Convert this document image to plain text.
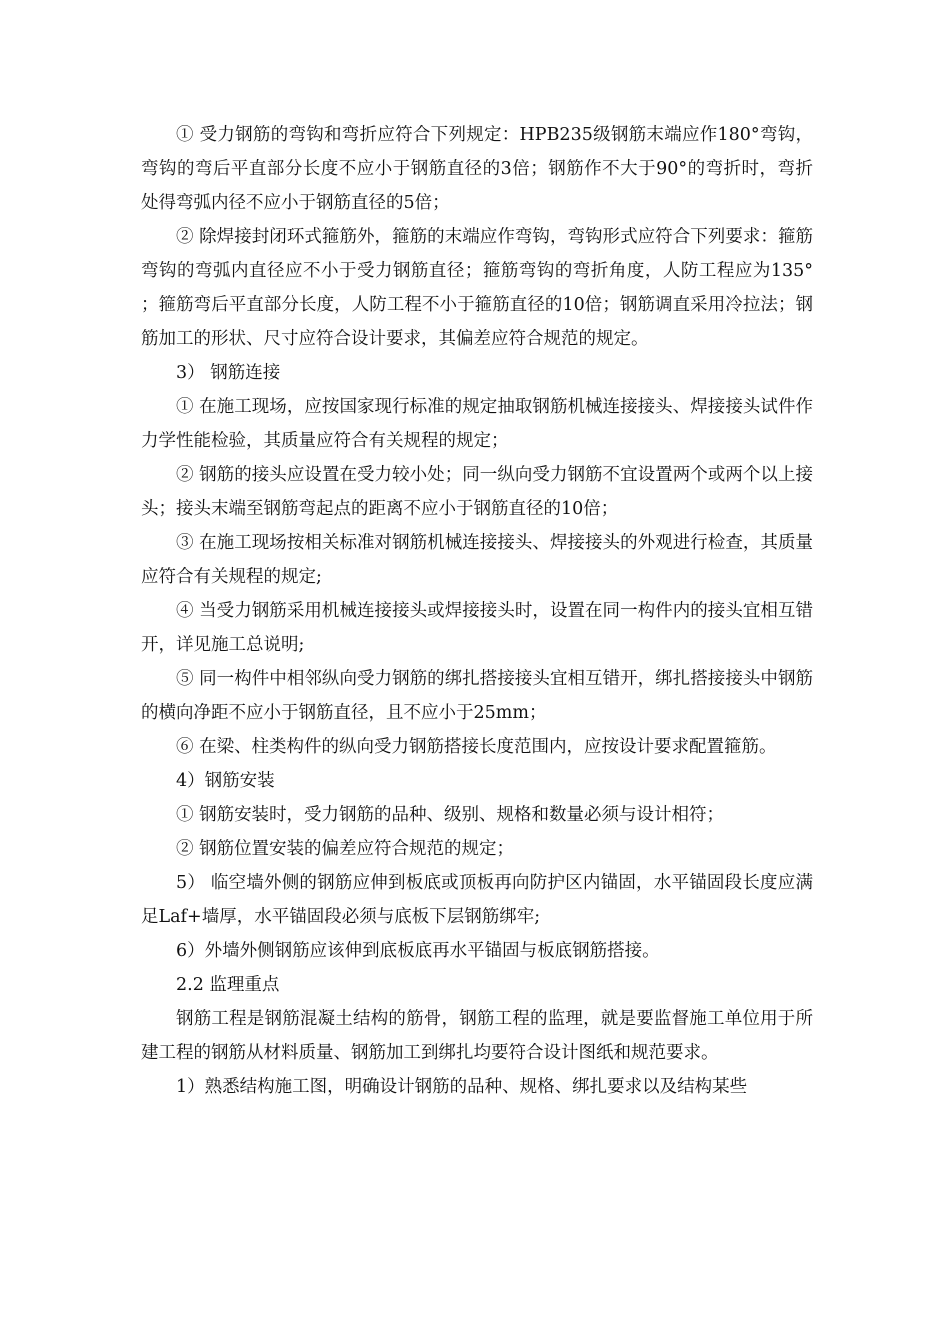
① 受力钢筋的弯钩和弯折应符合下列规定：HPB235级钢筋末端应作180°弯钩，弯钩的弯后平直部分长度不应小于钢筋直径的3倍；钢筋作不大于90°的弯折时，弯折处得弯弧内径不应小于钢筋直径的5倍；

② 除焊接封闭环式箍筋外，箍筋的末端应作弯钩，弯钩形式应符合下列要求：箍筋弯钩的弯弧内直径应不小于受力钢筋直径；箍筋弯钩的弯折角度，人防工程应为135°；箍筋弯后平直部分长度，人防工程不小于箍筋直径的10倍；钢筋调直采用冷拉法；钢筋加工的形状、尺寸应符合设计要求，其偏差应符合规范的规定。

3） 钢筋连接

① 在施工现场，应按国家现行标准的规定抽取钢筋机械连接接头、焊接接头试件作力学性能检验，其质量应符合有关规程的规定；

② 钢筋的接头应设置在受力较小处；同一纵向受力钢筋不宜设置两个或两个以上接头；接头末端至钢筋弯起点的距离不应小于钢筋直径的10倍；

③ 在施工现场按相关标准对钢筋机械连接接头、焊接接头的外观进行检查，其质量应符合有关规程的规定;

④ 当受力钢筋采用机械连接接头或焊接接头时，设置在同一构件内的接头宜相互错开，详见施工总说明;

⑤ 同一构件中相邻纵向受力钢筋的绑扎搭接接头宜相互错开，绑扎搭接接头中钢筋的横向净距不应小于钢筋直径，且不应小于25mm；

⑥ 在梁、柱类构件的纵向受力钢筋搭接长度范围内，应按设计要求配置箍筋。

4）钢筋安装

① 钢筋安装时，受力钢筋的品种、级别、规格和数量必须与设计相符；

② 钢筋位置安装的偏差应符合规范的规定；

5） 临空墙外侧的钢筋应伸到板底或顶板再向防护区内锚固，水平锚固段长度应满足Laf+墙厚，水平锚固段必须与底板下层钢筋绑牢;

6）外墙外侧钢筋应该伸到底板底再水平锚固与板底钢筋搭接。

2.2 监理重点

钢筋工程是钢筋混凝土结构的筋骨，钢筋工程的监理，就是要监督施工单位用于所建工程的钢筋从材料质量、钢筋加工到绑扎均要符合设计图纸和规范要求。

1）熟悉结构施工图，明确设计钢筋的品种、规格、绑扎要求以及结构某些
